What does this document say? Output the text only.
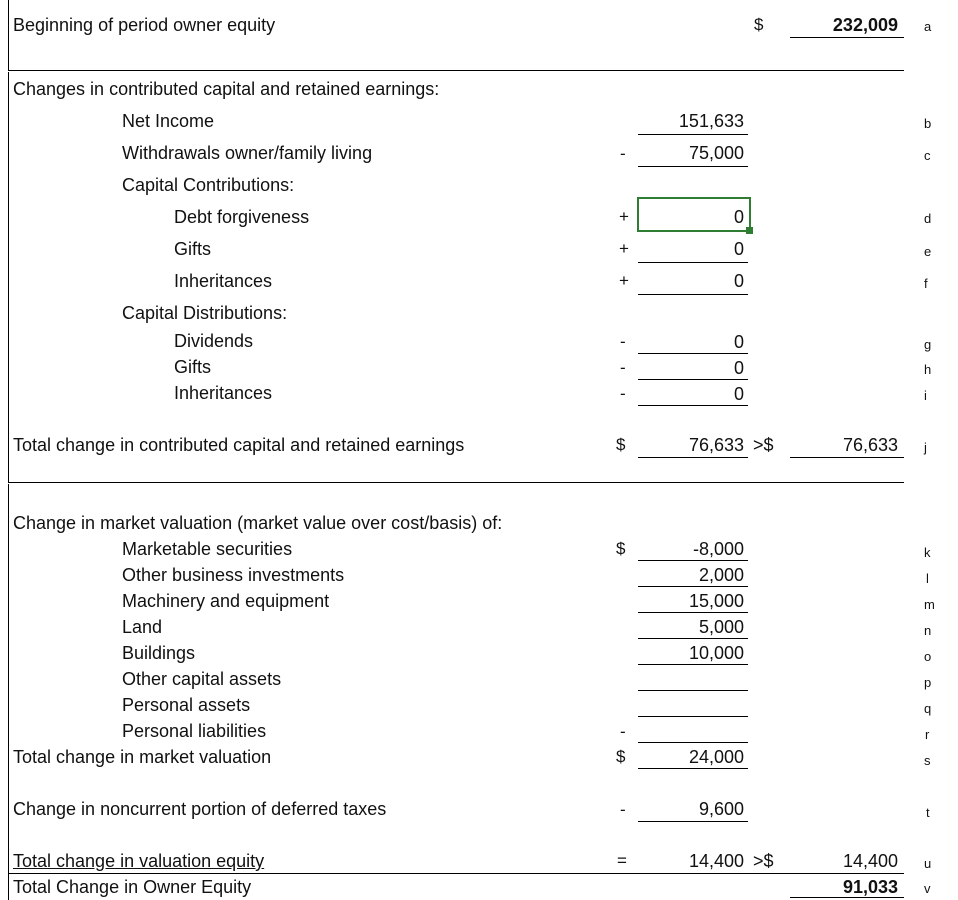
Beginning of period owner equity	$	232,009 a
Changes in contributed capital and retained earnings:
Net Income	151,633	b
Withdrawals owner/family living	-	75,000	c
Capital Contributions:
Debt forgiveness	+	0	d
Gifts	+	0	e
Inheritances	+	0	f
Capital Distributions:
Dividends	-	0	g
Gifts	-	0	h
Inheritances	-	0	i
Total change in contributed capital and retained earnings	$	76,633 >$	76,633 j
Change in market valuation (market value over cost/basis) of:
Marketable securities	$	-8,000	k
Other business investments	2,000	l
Machinery and equipment	15,000	m
Land	5,000	n
Buildings	10,000	o
Other capital assets	p
Personal assets	q
Personal liabilities	-	r
Total change in market valuation	$	24,000	s
Change in noncurrent portion of deferred taxes	-	9,600	t
Total change in valuation equity	=	14,400 >$	14,400 u
Total Change in Owner Equity	91,033 v
